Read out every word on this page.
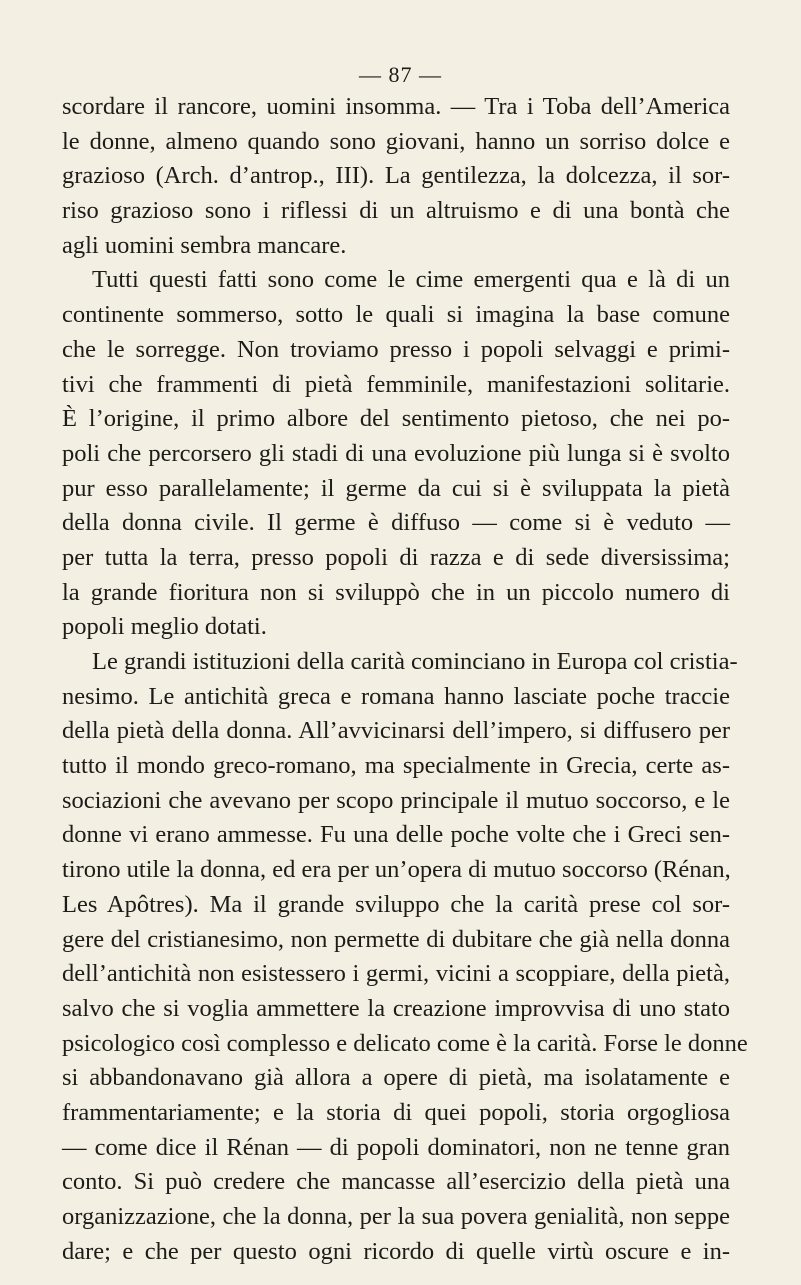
— 87 —
scordare il rancore, uomini insomma. — Tra i Toba dell’America
le donne, almeno quando sono giovani, hanno un sorriso dolce e
grazioso (Arch. d’antrop., III). La gentilezza, la dolcezza, il sor-
riso grazioso sono i riflessi di un altruismo e di una bontà che
agli uomini sembra mancare.
Tutti questi fatti sono come le cime emergenti qua e là di un
continente sommerso, sotto le quali si imagina la base comune
che le sorregge. Non troviamo presso i popoli selvaggi e primi-
tivi che frammenti di pietà femminile, manifestazioni solitarie.
È l’origine, il primo albore del sentimento pietoso, che nei po-
poli che percorsero gli stadi di una evoluzione più lunga si è svolto
pur esso parallelamente; il germe da cui si è sviluppata la pietà
della donna civile. Il germe è diffuso — come si è veduto —
per tutta la terra, presso popoli di razza e di sede diversissima;
la grande fioritura non si sviluppò che in un piccolo numero di
popoli meglio dotati.
Le grandi istituzioni della carità cominciano in Europa col cristia-
nesimo. Le antichità greca e romana hanno lasciate poche traccie
della pietà della donna. All’avvicinarsi dell’impero, si diffusero per
tutto il mondo greco-romano, ma specialmente in Grecia, certe as-
sociazioni che avevano per scopo principale il mutuo soccorso, e le
donne vi erano ammesse. Fu una delle poche volte che i Greci sen-
tirono utile la donna, ed era per un’opera di mutuo soccorso (Rénan,
Les Apôtres). Ma il grande sviluppo che la carità prese col sor-
gere del cristianesimo, non permette di dubitare che già nella donna
dell’antichità non esistessero i germi, vicini a scoppiare, della pietà,
salvo che si voglia ammettere la creazione improvvisa di uno stato
psicologico così complesso e delicato come è la carità. Forse le donne
si abbandonavano già allora a opere di pietà, ma isolatamente e
frammentariamente; e la storia di quei popoli, storia orgogliosa
— come dice il Rénan — di popoli dominatori, non ne tenne gran
conto. Si può credere che mancasse all’esercizio della pietà una
organizzazione, che la donna, per la sua povera genialità, non seppe
dare; e che per questo ogni ricordo di quelle virtù oscure e in-
